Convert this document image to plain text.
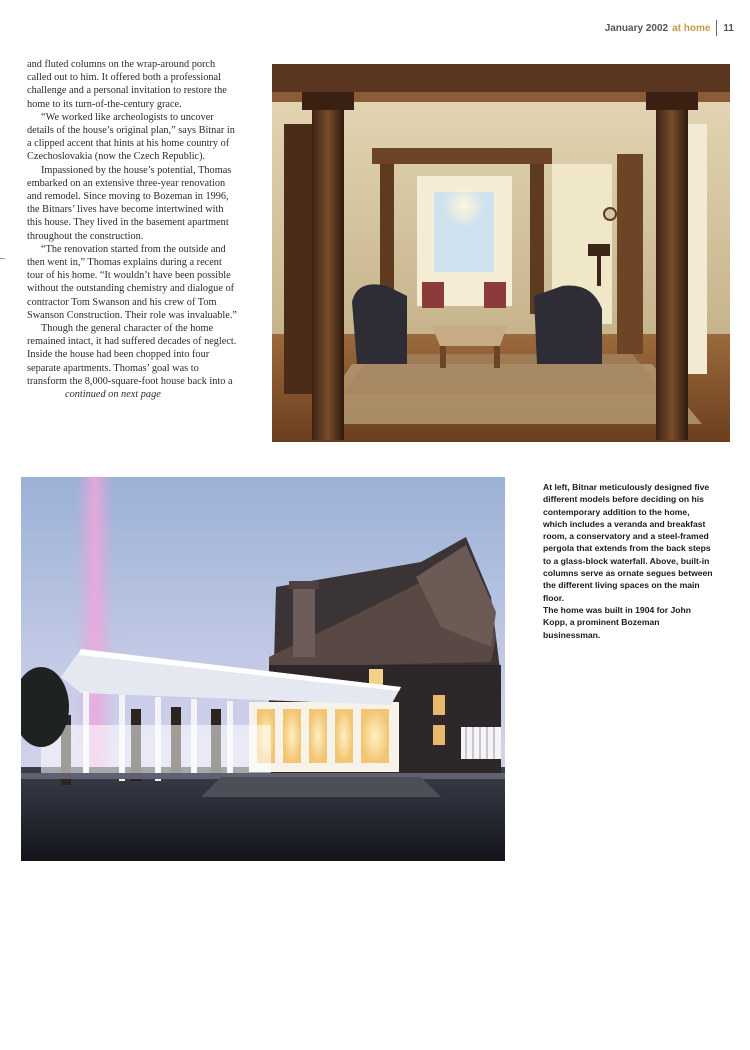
January 2002 at home 11

and fluted columns on the wrap-around porch called out to him. It offered both a professional challenge and a personal invitation to restore the home to its turn-of-the-century grace.

“We worked like archeologists to uncover details of the house’s original plan,” says Bitnar in a clipped accent that hints at his home country of Czechoslovakia (now the Czech Republic).

Impassioned by the house’s potential, Thomas embarked on an extensive three-year renovation and remodel. Since moving to Bozeman in 1996, the Bitnars’ lives have become intertwined with this house. They lived in the basement apartment throughout the construction.

“The renovation started from the outside and then went in,” Thomas explains during a recent tour of his home. “It wouldn’t have been possible without the outstanding chemistry and dialogue of contractor Tom Swanson and his crew of Tom Swanson Construction. Their role was invaluable.”

Though the general character of the home remained intact, it had suffered decades of neglect. Inside the house had been chopped into four separate apartments. Thomas’ goal was to transform the 8,000-square-foot house back into acontinued on next page

At left, Bitnar meticulously designed five different models before deciding on his contemporary addition to the home, which includes a veranda and breakfast room, a conservatory and a steel-framed pergola that extends from the back steps to a glass-block waterfall. Above, built-in columns serve as ornate segues between the different living spaces on the main floor.

The home was built in 1904 for John Kopp, a prominent Bozeman businessman.
